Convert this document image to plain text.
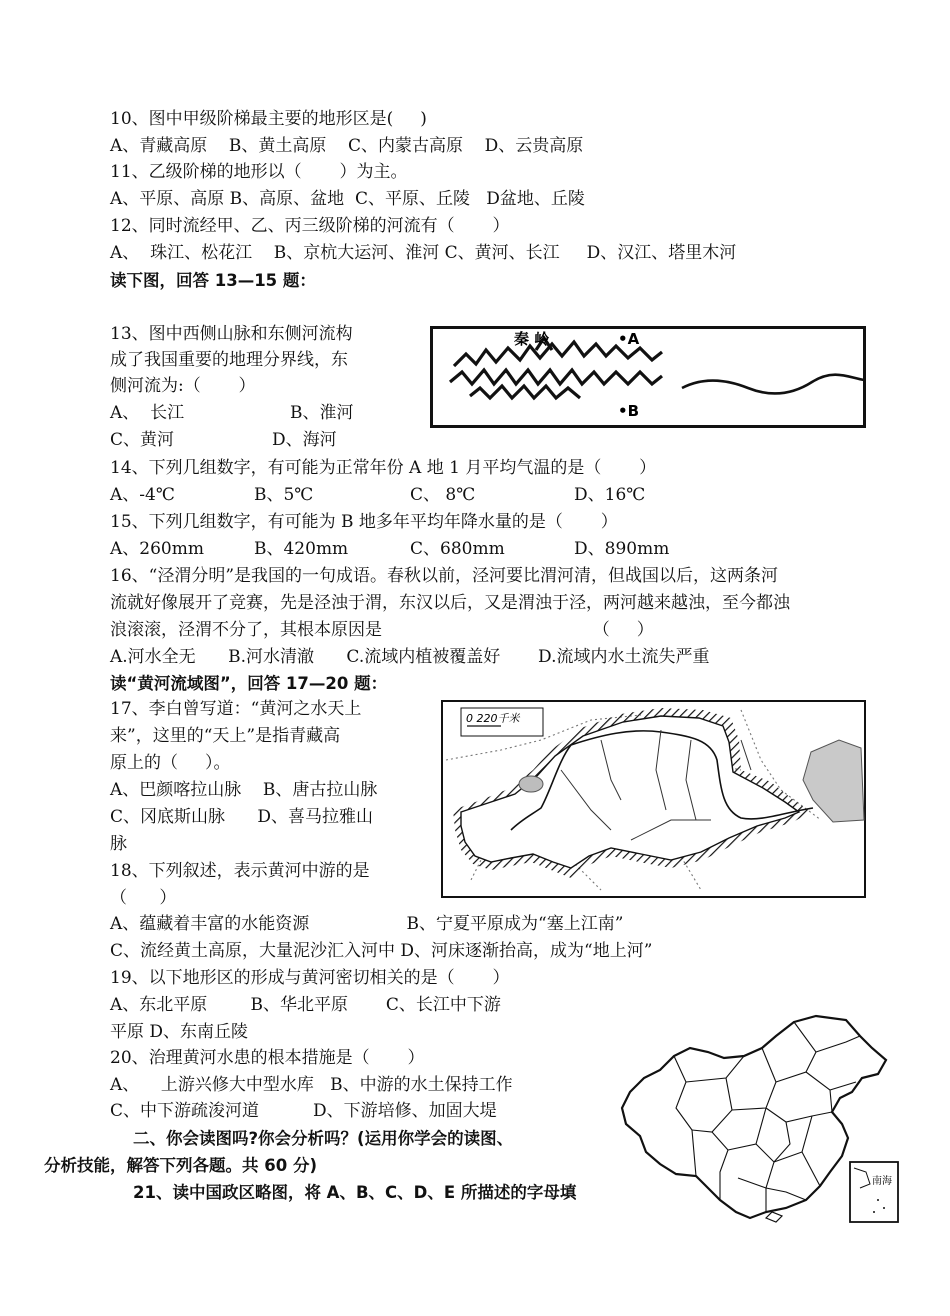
10、图中甲级阶梯最主要的地形区是(     )
A、青藏高原    B、黄土高原    C、内蒙古高原    D、云贵高原
11、乙级阶梯的地形以（       ）为主。
A、平原、高原 B、高原、盆地  C、平原、丘陵   D盆地、丘陵
12、同时流经甲、乙、丙三级阶梯的河流有（       ）
A、  珠江、松花江    B、京杭大运河、淮河 C、黄河、长江     D、汉江、塔里木河
读下图，回答 13—15 题：
13、图中西侧山脉和东侧河流构
成了我国重要的地理分界线，东
侧河流为:（       ）
A、  长江	B、淮河
C、黄河	D、海河
秦 岭	•A
•B
14、下列几组数字，有可能为正常年份 A 地 1 月平均气温的是（       ）
A、-4℃	B、5℃	C、 8℃	D、16℃
15、下列几组数字，有可能为 B 地多年平均年降水量的是（       ）
A、260mm	B、420mm	C、680mm	D、890mm
16、“泾渭分明”是我国的一句成语。春秋以前，泾河要比渭河清，但战国以后，这两条河
流就好像展开了竞赛，先是泾浊于渭，东汉以后，又是渭浊于泾，两河越来越浊，至今都浊
浪滚滚，泾渭不分了，其根本原因是                                       （     ）
A.河水全无      B.河水清澈      C.流域内植被覆盖好       D.流域内水土流失严重
读“黄河流域图”，回答 17—20 题：
0 220千米
17、李白曾写道：“黄河之水天上
来”，这里的“天上”是指青藏高
原上的（     ）。
A、巴颜喀拉山脉    B、唐古拉山脉
C、冈底斯山脉      D、喜马拉雅山
脉
18、下列叙述，表示黄河中游的是
（      ）
A、蕴藏着丰富的水能资源                  B、宁夏平原成为“塞上江南”
C、流经黄土高原，大量泥沙汇入河中 D、河床逐渐抬高，成为“地上河”
19、以下地形区的形成与黄河密切相关的是（       ）
A、东北平原        B、华北平原       C、长江中下游
平原 D、东南丘陵
20、治理黄河水患的根本措施是（       ）
A、    上游兴修大中型水库   B、中游的水土保持工作
C、中下游疏浚河道          D、下游培修、加固大堤
二、你会读图吗?你会分析吗？(运用你学会的读图、
分析技能，解答下列各题。共 60 分)
21、读中国政区略图，将 A、B、C、D、E 所描述的字母填
南海
